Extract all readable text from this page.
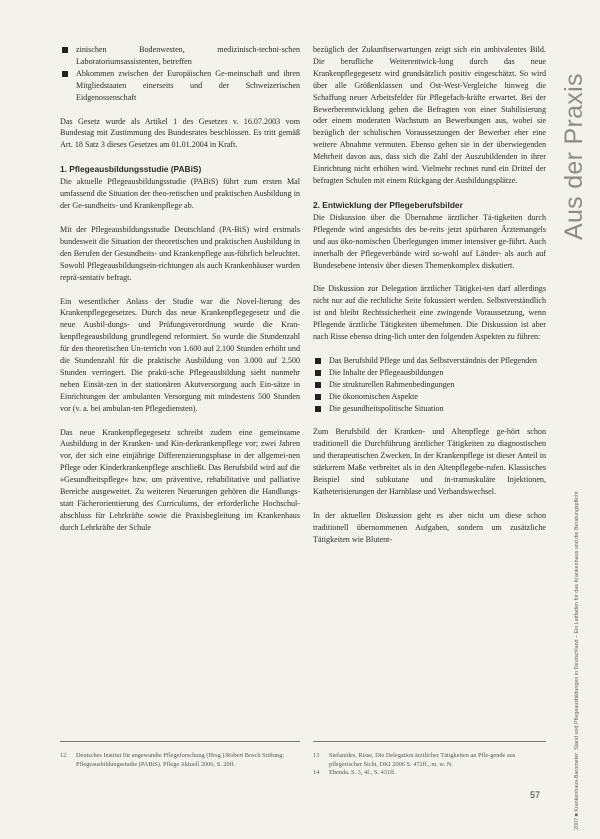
Aus der Praxis
2007 ■ Krankenhaus-Barometer: Stand und Pflegeausbildungen in Deutschland – Ein Leitfaden für das Krankenhaus und die Beratungspflicht
zinischen Bodenwesten, medizinisch-techni-schen Laboratoriumsassistenten, betreffen
Abkommen zwischen der Europäischen Ge-meinschaft und ihren Mitgliedstaaten einerseits und der Schweizerischen Eidgenossenschaft

Das Gesetz wurde als Artikel 1 des Gesetzes v. 16.07.2003 vom Bundestag mit Zustimmung des Bundesrates beschlossen. Es tritt gemäß Art. 18 Satz 3 dieses Gesetzes am 01.01.2004 in Kraft.

1. Pflegeausbildungsstudie (PABiS)

Die aktuelle Pflegeausbildungsstudie (PABiS) führt zum ersten Mal umfassend die Situation der theo-retischen und praktischen Ausbildung in der Ge-sundheits- und Krankenpflege ab.

Mit der Pflegeausbildungsstudie Deutschland (PA-BiS) wird erstmals bundesweit die Situation der theoretischen und praktischen Ausbildung in den Berufen der Gesundheits- und Krankenpflege aus-führlich beleuchtet. Sowohl Pflegeausbildungsein-richtungen als auch Krankenhäuser wurden reprä-sentativ befragt.

Ein wesentlicher Anlass der Studie war die Novel-lierung des Krankenpflegegesetzes. Durch das neue Krankenpflegegesetz und die neue Ausbil-dungs- und Prüfungsverordnung wurde die Kran-kenpflegeausbildung grundlegend reformiert. So wurde die Stundenzahl für den theoretischen Un-terricht von 1.600 auf 2.100 Stunden erhöht und die Stundenzahl für die praktische Ausbildung von 3.000 auf 2.500 Stunden verringert. Die prakti-sche Pflegeausbildung sieht nunmehr neben Einsät-zen in der stationären Akutversorgung auch Ein-sätze in Einrichtungen der ambulanten Versorgung mit mindestens 500 Stunden vor (v. a. bei ambulan-ten Pflegediensten).

Das neue Krankenpflegegesetz schreibt zudem eine gemeinsame Ausbildung in der Kranken- und Kin-derkrankenpflege vor; zwei Jahren vor, der sich eine einjährige Differenzierungsphase in der allgemei-nen Pflege oder Kinderkrankenpflege anschließt. Das Berufsbild wird auf die »Gesundheitspflege« bzw. um präventive, rehabilitative und palliative Bereiche ausgeweitet. Zu weiteren Neuerungen gehören die Handlungs- statt Fächerorientierung des Curriculums, der erforderliche Hochschul-abschluss für Lehrkräfte sowie die Praxisbegleitung im Krankenhaus durch Lehrkräfte der Schule

bezüglich der Zukunftserwartungen zeigt sich ein ambivalentes Bild. Die berufliche Weiterentwick-lung durch das neue Krankenpflegegesetz wird grundsätzlich positiv eingeschätzt. So wird über alle Größenklassen und Ost-West-Vergleiche hinweg die Schaffung neuer Arbeitsfelder für Pflegefach-kräfte erwartet. Bei der Bewerberentwicklung gehen die Befragten von einer Stabilisierung oder einem moderaten Wachstum an Bewerbungen aus, wobei sie bezüglich der schulischen Voraussetzungen der Bewerber eher eine weitere Abnahme vermuten. Ebenso gehen sie in der überwiegenden Mehrheit davon aus, dass sich die Zahl der Auszubildenden in ihrer Einrichtung nicht erhöhen wird. Vielmehr rechnet rund ein Drittel der befragten Schulen mit einem Rückgang der Ausbildungsplätze.

2. Entwicklung der Pflegeberufsbilder

Die Diskussion über die Übernahme ärztlicher Tä-tigkeiten durch Pflegende wird angesichts des be-reits jetzt spürbaren Ärztemangels und aus öko-nomischen Überlegungen immer intensiver ge-führt. Auch innerhalb der Pflegeverbände wird so-wohl auf Länder- als auch auf Bundesebene intensiv über diesen Themenkomplex diskutiert.

Die Diskussion zur Delegation ärztlicher Tätigkei-ten darf allerdings nicht nur auf die rechtliche Seite fokussiert werden. Selbstverständlich ist und bleibt Rechtssicherheit eine zwingende Voraussetzung, wenn Pflegende ärztliche Tätigkeiten übernehmen. Die Diskussion ist aber nach Risse ebenso dring-lich unter den folgenden Aspekten zu führen:

Das Berufsbild Pflege und das Selbstverständnis der Pflegenden
Die Inhalte der Pflegeausbildungen
Die strukturellen Rahmenbedingungen
Die ökonomischen Aspekte
Die gesundheitspolitische Situation

Zum Berufsbild der Kranken- und Altenpflege ge-hört schon traditionell die Durchführung ärztlicher Tätigkeiten zu diagnostischen und therapeutischen Zwecken. In der Krankenpflege ist dieser Anteil in stärkerem Maße verbreitet als in den Altenpflegebe-rufen. Klassisches Beispiel sind subkutane und in-tramuskuläre Injektionen, Katheterisierungen der Harnblase und Verbandswechsel.

In der aktuellen Diskussion geht es aber nicht um diese schon traditionell übernommenen Aufgaben, sondern um zusätzliche Tätigkeiten wie Blutent-

12	Deutsches Institut für angewandte Pflegeforschung (Hrsg.)/Robert Bosch Stiftung: Pflegeausbildungsstudie (PABiS). Pflege Aktuell 2006, S. 20ff.
13	Stefanides, Risse, Die Delegation ärztlicher Tätigkeiten an Pfle-gende aus pflegerischer Sicht, DKI 2006 S. 472ff., m. w. N.
14	Ebenda. S. 3, 4f., S. 431ff.
57
